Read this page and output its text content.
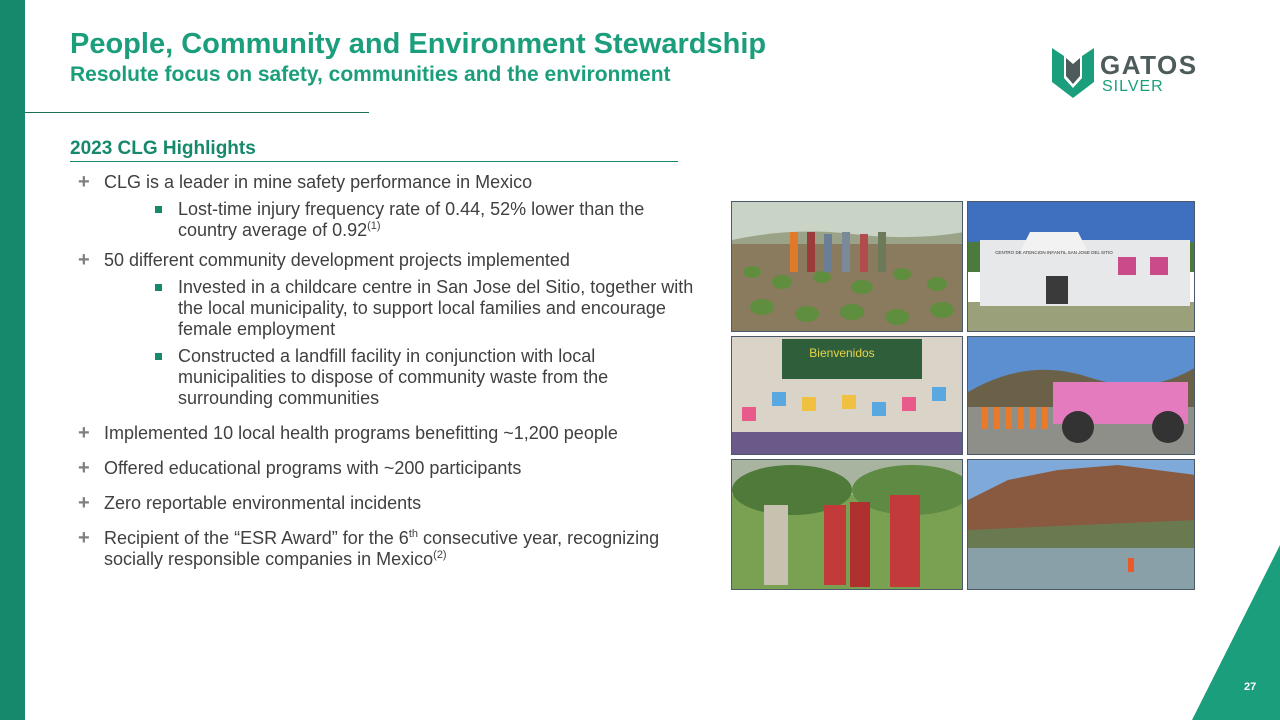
People, Community and Environment Stewardship
Resolute focus on safety, communities and the environment	GATOS
SILVER
2023 CLG Highlights
+ CLG is a leader in mine safety performance in Mexico
Lost-time injury frequency rate of 0.44, 52% lower than the country average of $0.92^{(1)}$
+ 50 different community development projects implemented
Invested in a childcare centre in San Jose del Sitio, together with the local municipality, to support local families and encourage female employment
Constructed a landfill facility in conjunction with local municipalities to dispose of community waste from the surrounding communities
+ Implemented 10 local health programs benefitting ~1,200 people
+ Offered educational programs with ~200 participants
+ Zero reportable environmental incidents
+ Recipient of the “ESR Award” for the 6th consecutive year, recognizing socially responsible companies in Mexico$^{(2)}$
CENTRO DE ATENCION INFANTIL SAN JOSE DEL SITIO
Bienvenidos
27
